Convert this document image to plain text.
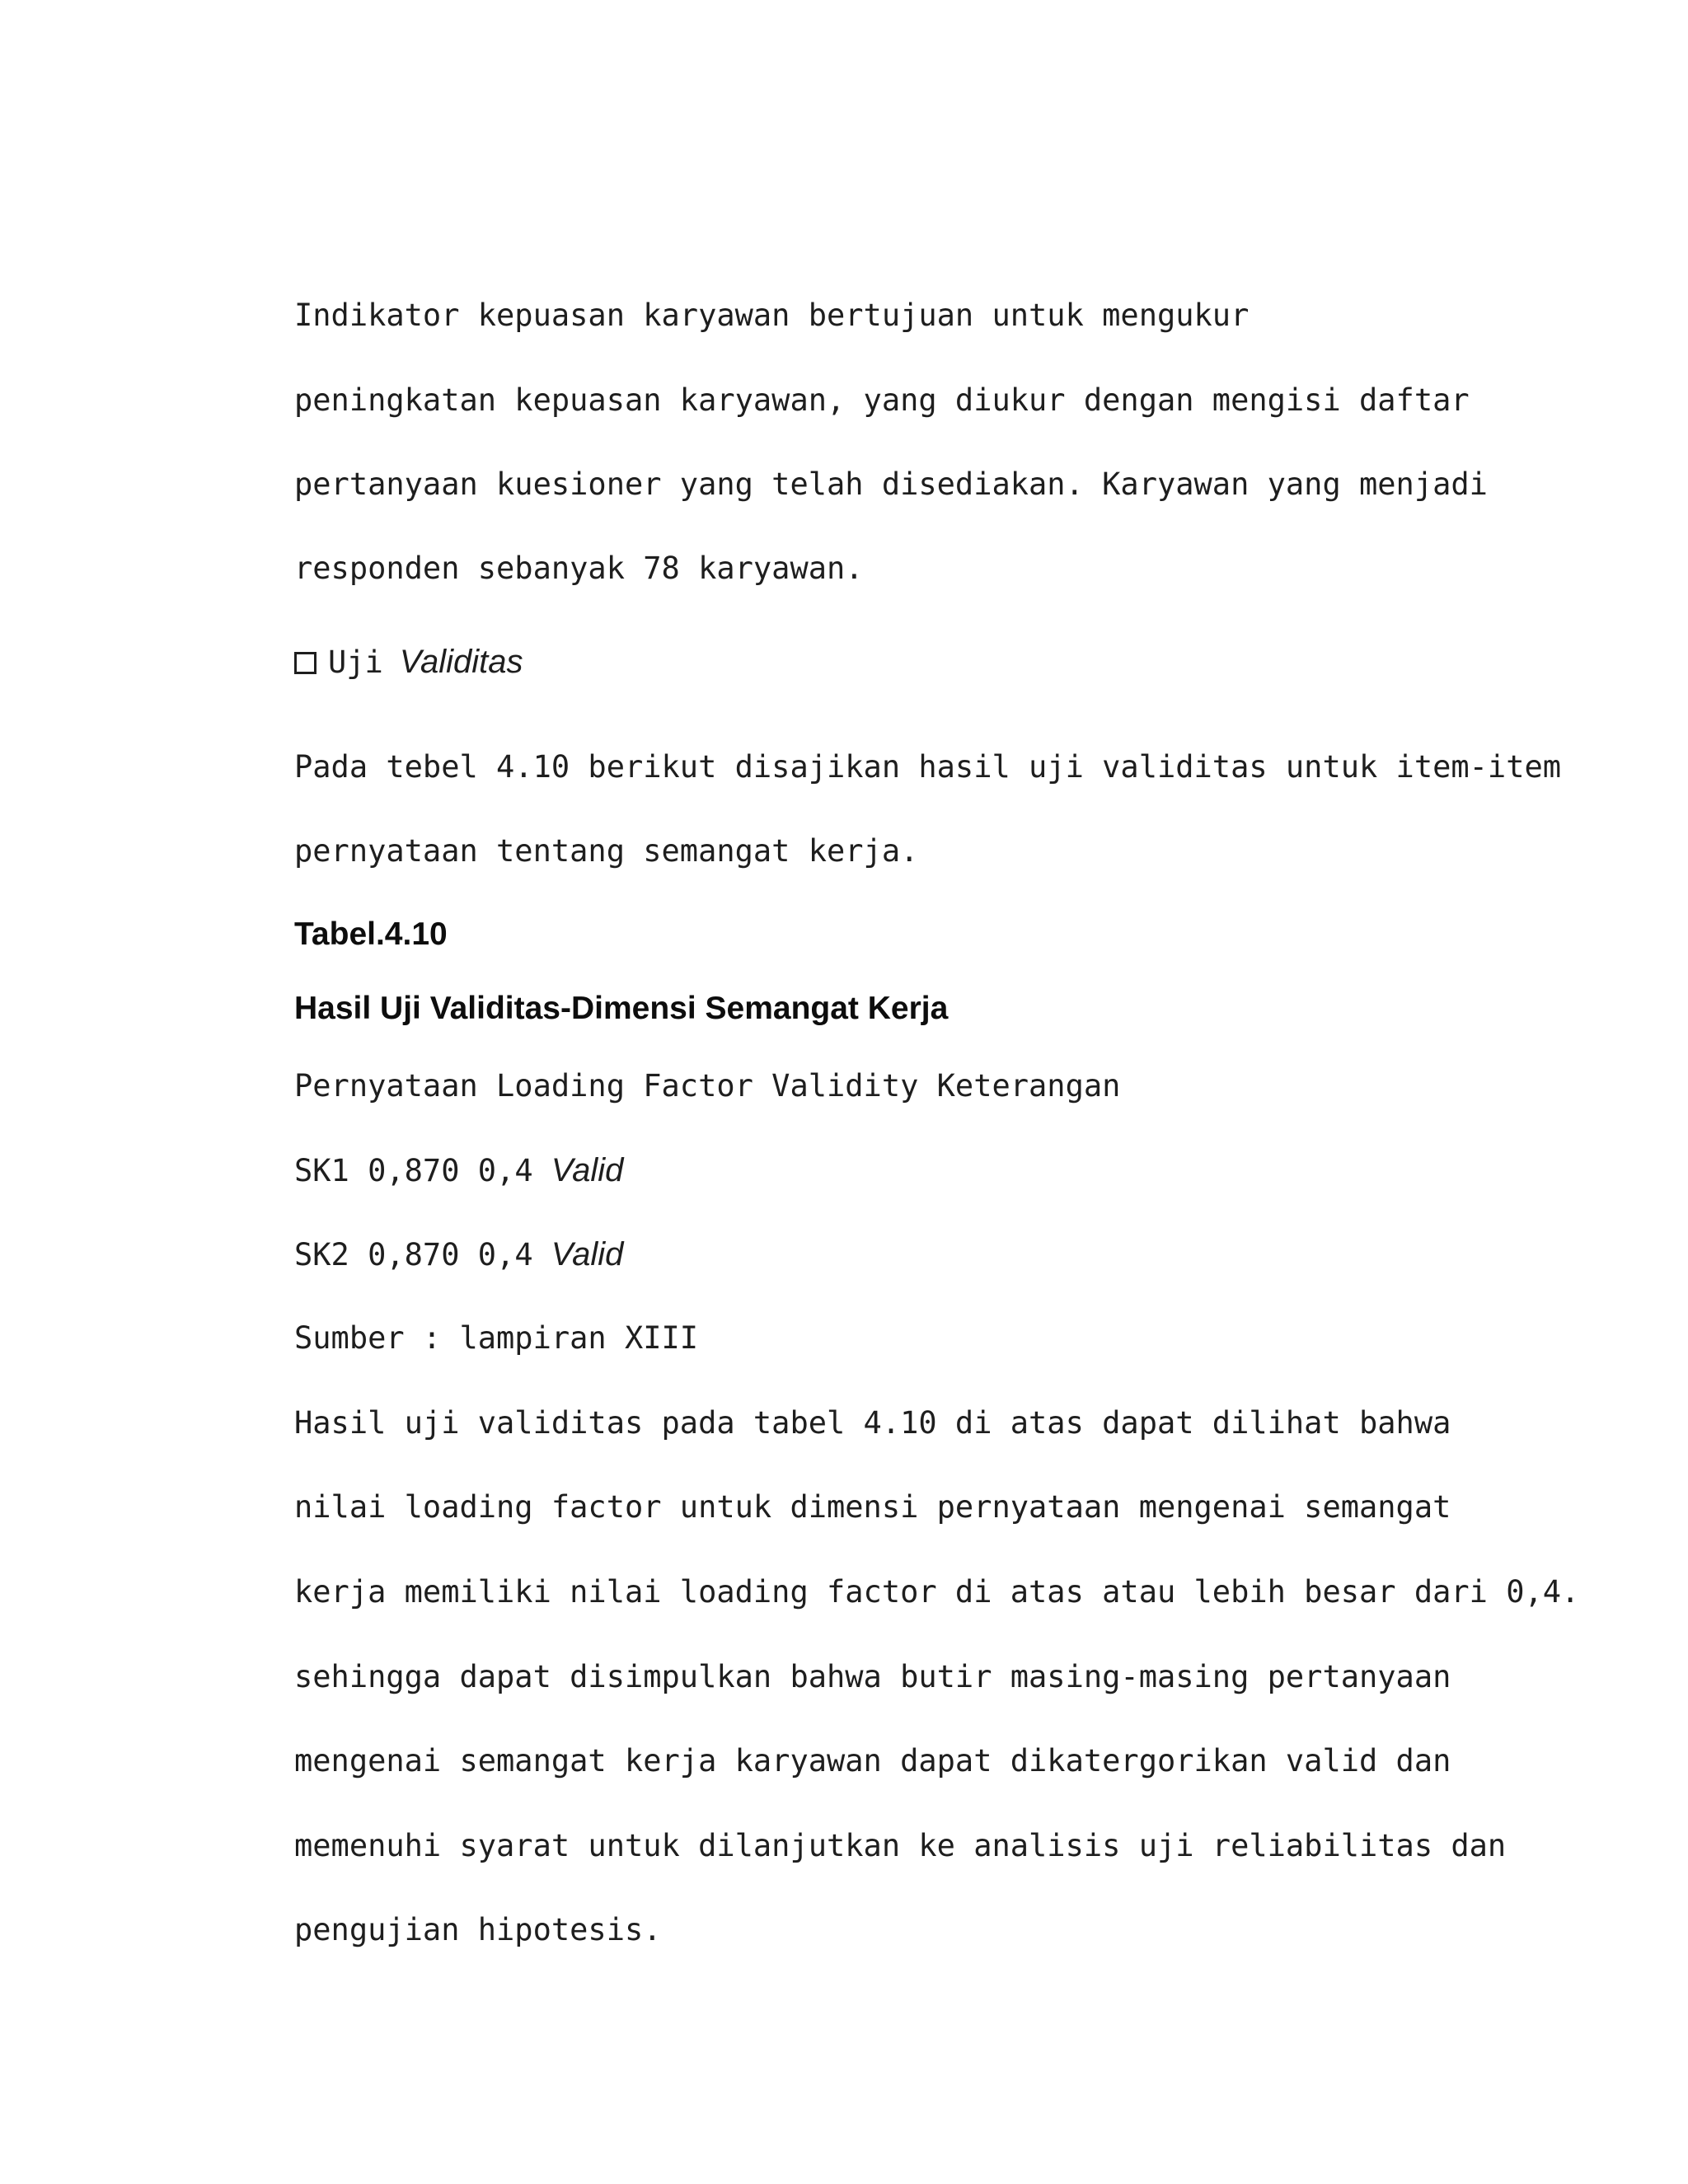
Indikator kepuasan karyawan bertujuan untuk mengukur
peningkatan kepuasan karyawan, yang diukur dengan mengisi daftar
pertanyaan kuesioner yang telah disediakan. Karyawan yang menjadi
responden sebanyak 78 karyawan.
Uji Validitas
Pada tebel 4.10 berikut disajikan hasil uji validitas untuk item-item
pernyataan tentang semangat kerja.
Tabel.4.10
Hasil Uji Validitas-Dimensi Semangat Kerja
Pernyataan Loading Factor Validity Keterangan
SK1 0,870 0,4 Valid
SK2 0,870 0,4 Valid
Sumber : lampiran XIII
Hasil uji validitas pada tabel 4.10 di atas dapat dilihat bahwa
nilai loading factor untuk dimensi pernyataan mengenai semangat
kerja memiliki nilai loading factor di atas atau lebih besar dari 0,4.
sehingga dapat disimpulkan bahwa butir masing-masing pertanyaan
mengenai semangat kerja karyawan dapat dikatergorikan valid dan
memenuhi syarat untuk dilanjutkan ke analisis uji reliabilitas dan
pengujian hipotesis.
